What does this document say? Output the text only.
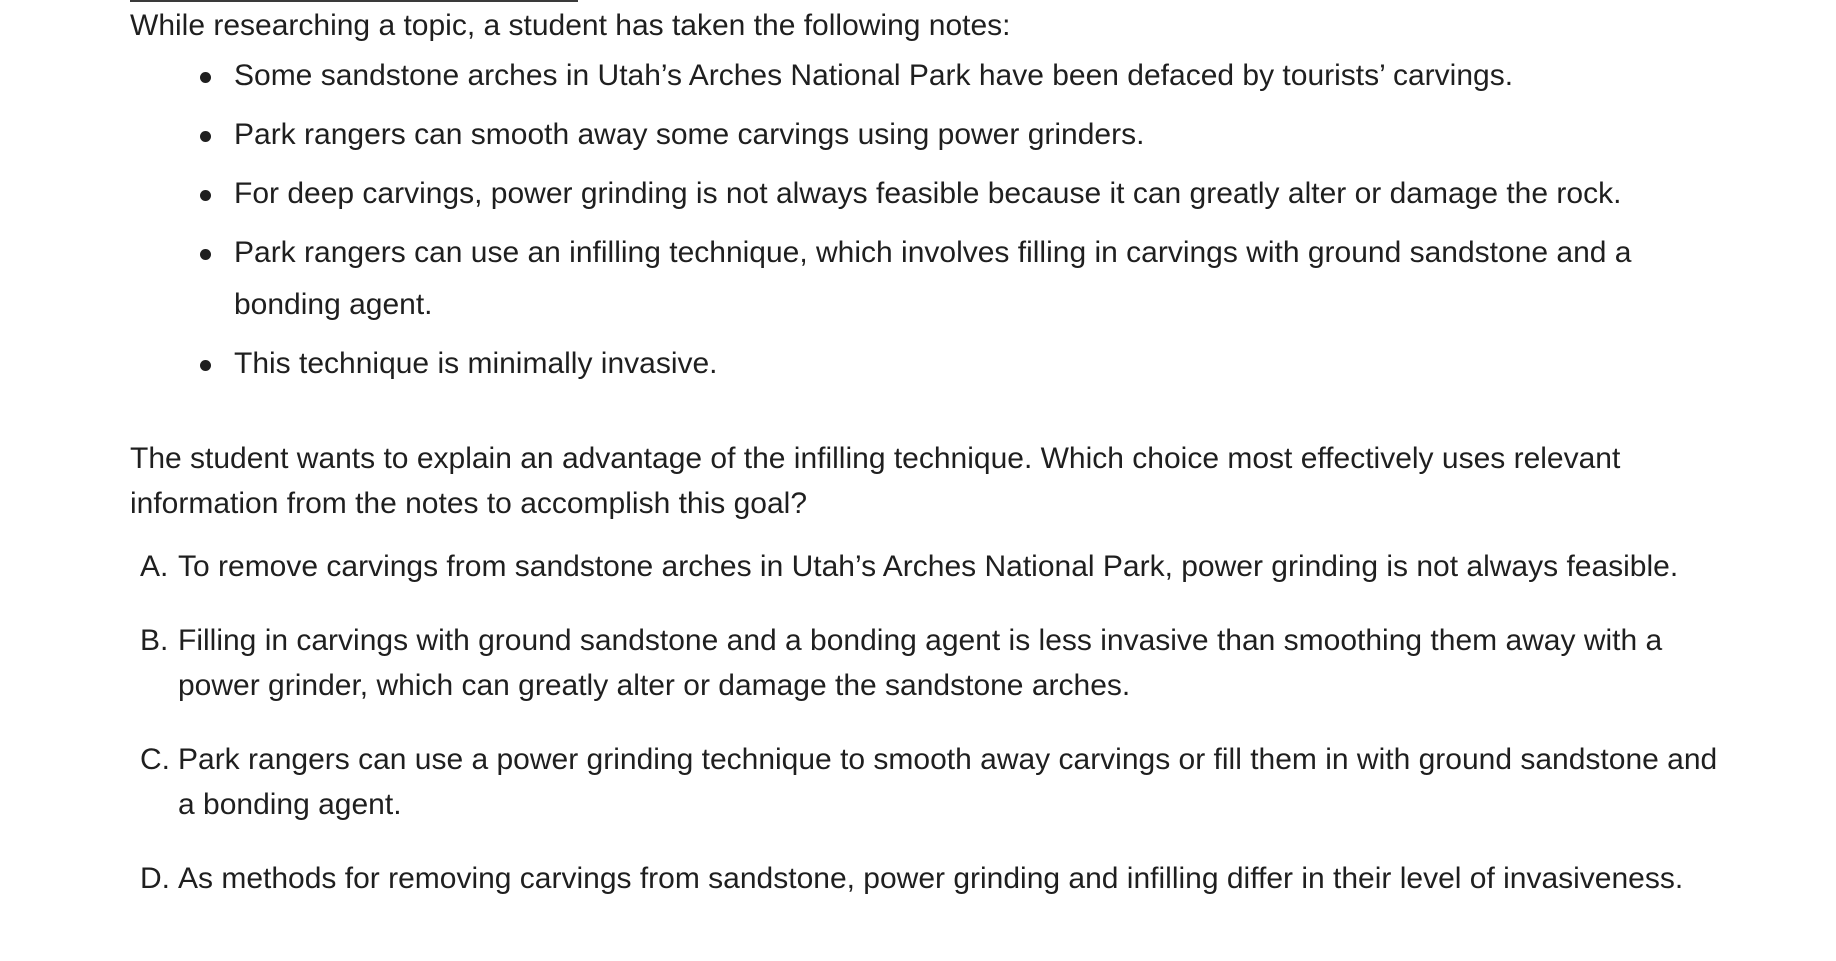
While researching a topic, a student has taken the following notes:

Some sandstone arches in Utah’s Arches National Park have been defaced by tourists’ carvings.
Park rangers can smooth away some carvings using power grinders.
For deep carvings, power grinding is not always feasible because it can greatly alter or damage the rock.
Park rangers can use an infilling technique, which involves filling in carvings with ground sandstone and a bonding agent.
This technique is minimally invasive.

The student wants to explain an advantage of the infilling technique. Which choice most effectively uses relevant information from the notes to accomplish this goal?

A. To remove carvings from sandstone arches in Utah’s Arches National Park, power grinding is not always feasible.
B. Filling in carvings with ground sandstone and a bonding agent is less invasive than smoothing them away with a power grinder, which can greatly alter or damage the sandstone arches.
C. Park rangers can use a power grinding technique to smooth away carvings or fill them in with ground sandstone and a bonding agent.
D. As methods for removing carvings from sandstone, power grinding and infilling differ in their level of invasiveness.
